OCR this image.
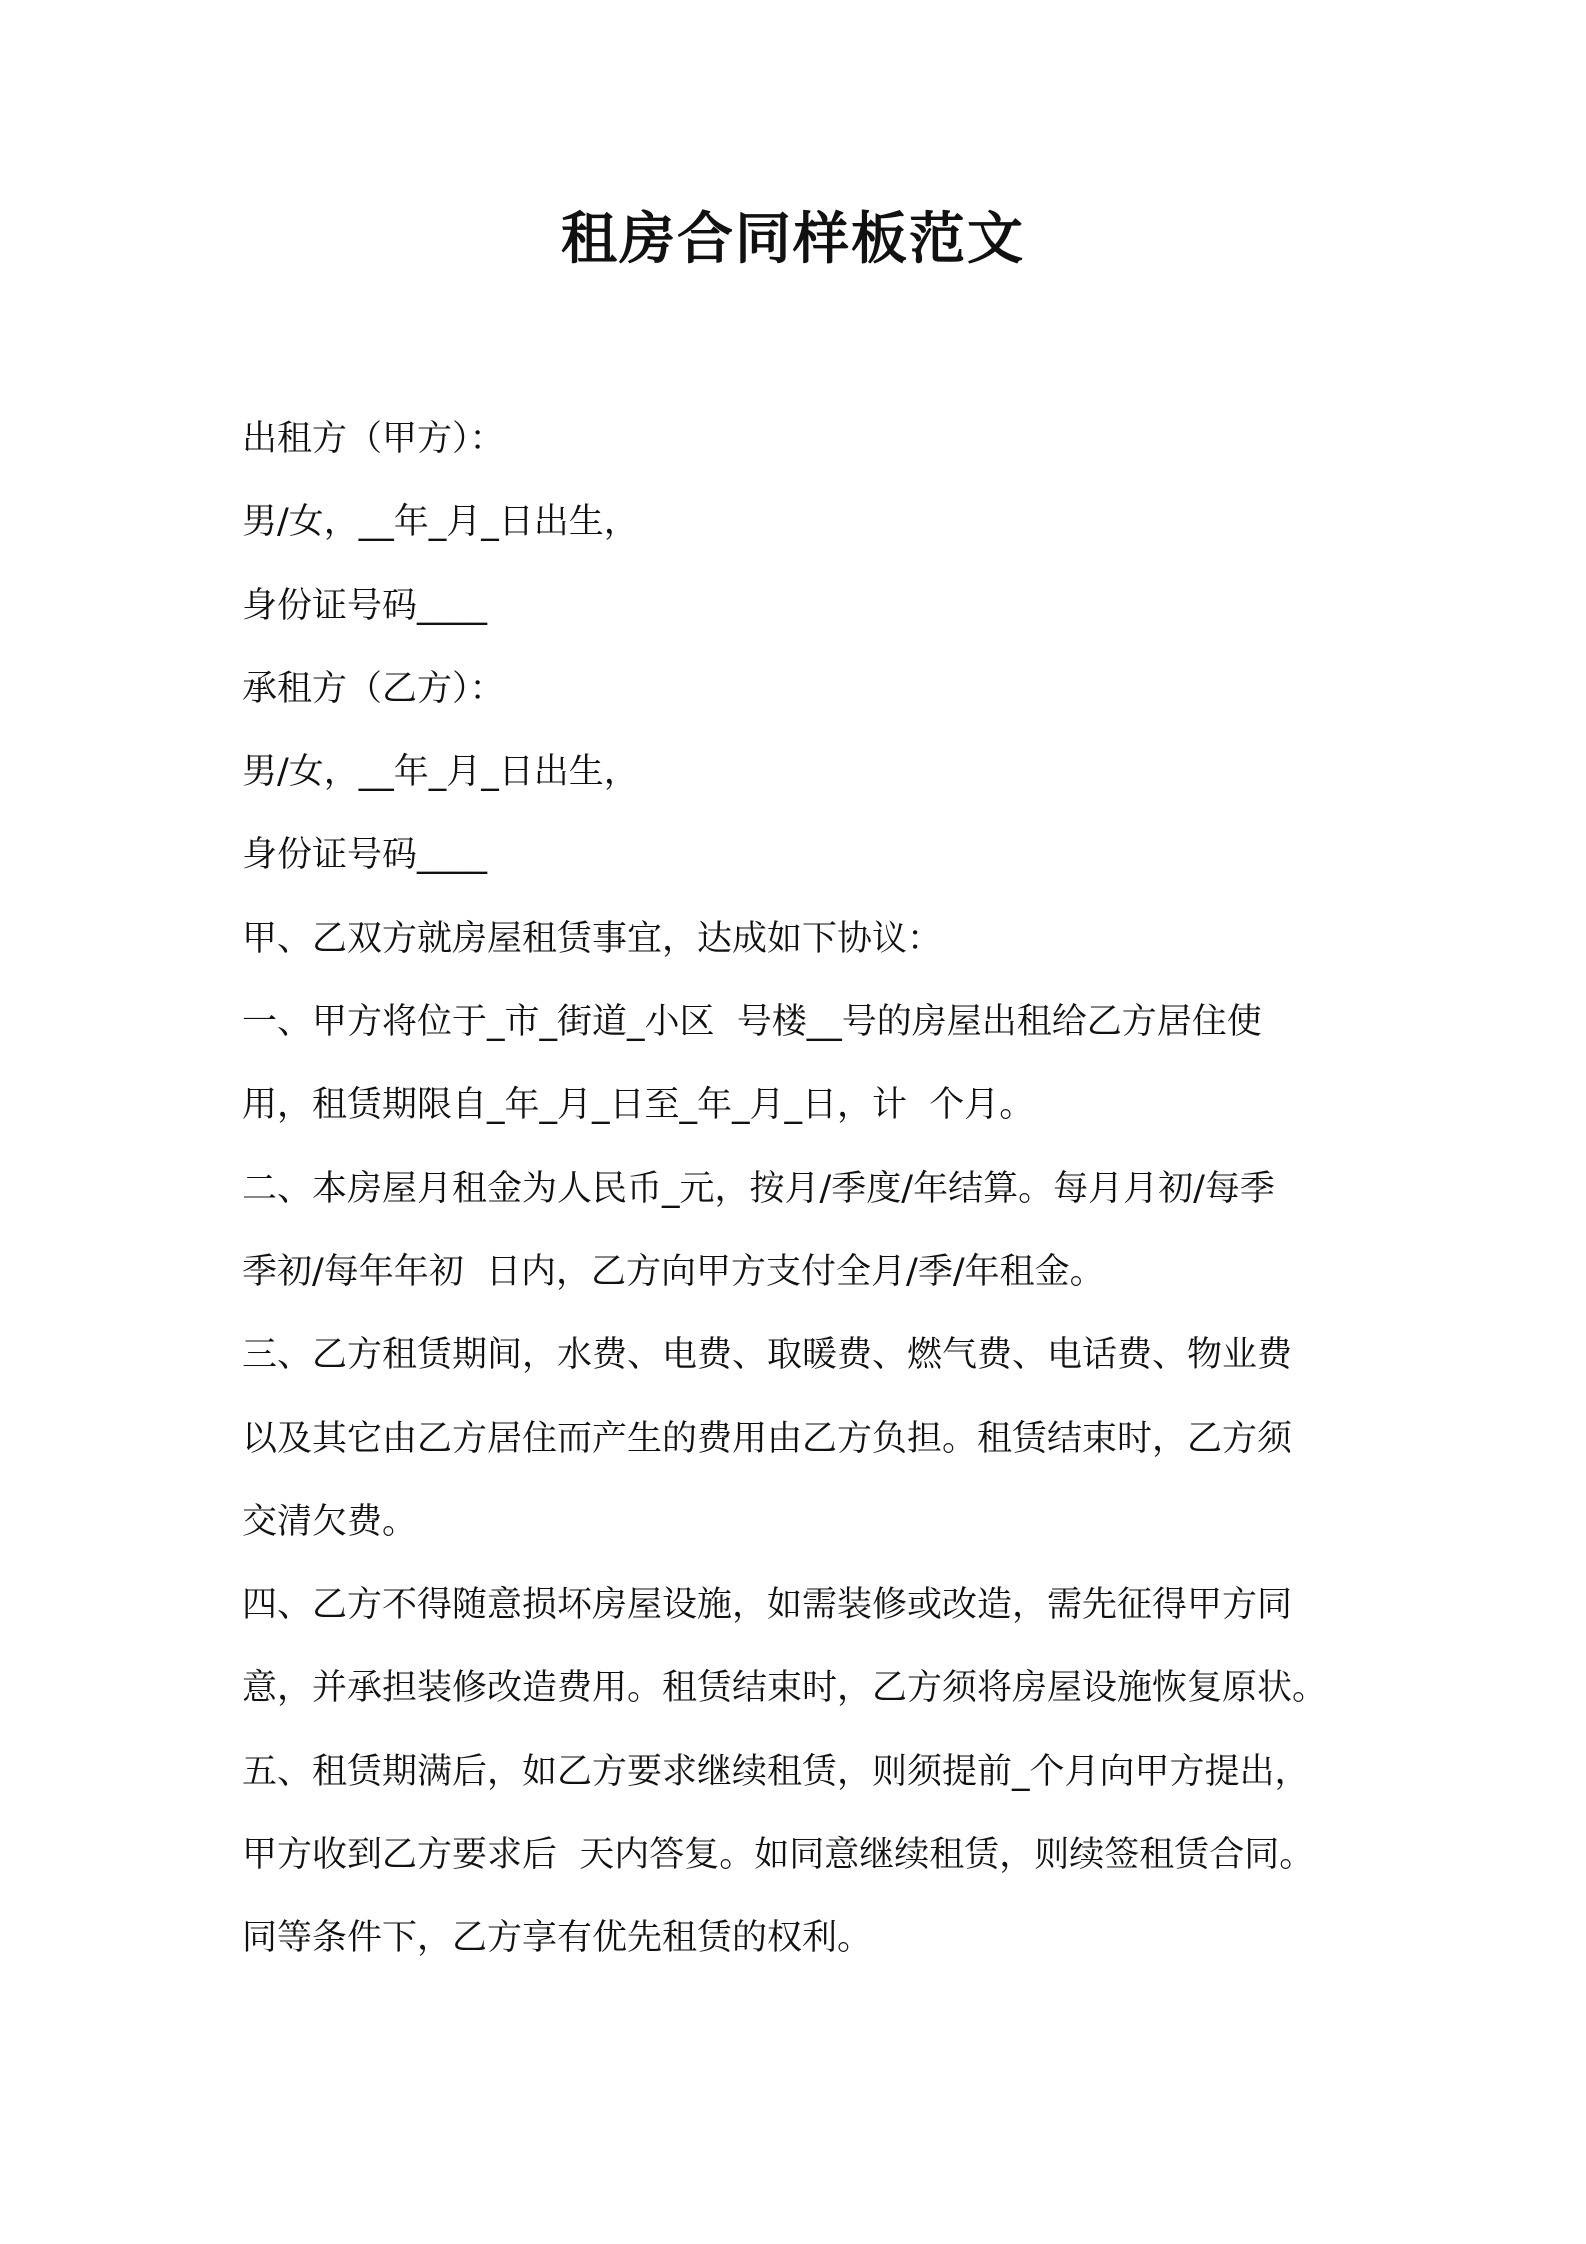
租房合同样板范文
出租方（甲方）：
男/女，__年_月_日出生，
身份证号码____
承租方（乙方）：
男/女，__年_月_日出生，
身份证号码____
甲、乙双方就房屋租赁事宜，达成如下协议：
一、甲方将位于_市_街道_小区  号楼__号的房屋出租给乙方居住使
用，租赁期限自_年_月_日至_年_月_日，计  个月。
二、本房屋月租金为人民币_元，按月/季度/年结算。每月月初/每季
季初/每年年初  日内，乙方向甲方支付全月/季/年租金。
三、乙方租赁期间，水费、电费、取暖费、燃气费、电话费、物业费
以及其它由乙方居住而产生的费用由乙方负担。租赁结束时，乙方须
交清欠费。
四、乙方不得随意损坏房屋设施，如需装修或改造，需先征得甲方同
意，并承担装修改造费用。租赁结束时，乙方须将房屋设施恢复原状。
五、租赁期满后，如乙方要求继续租赁，则须提前_个月向甲方提出，
甲方收到乙方要求后  天内答复。如同意继续租赁，则续签租赁合同。
同等条件下，乙方享有优先租赁的权利。
